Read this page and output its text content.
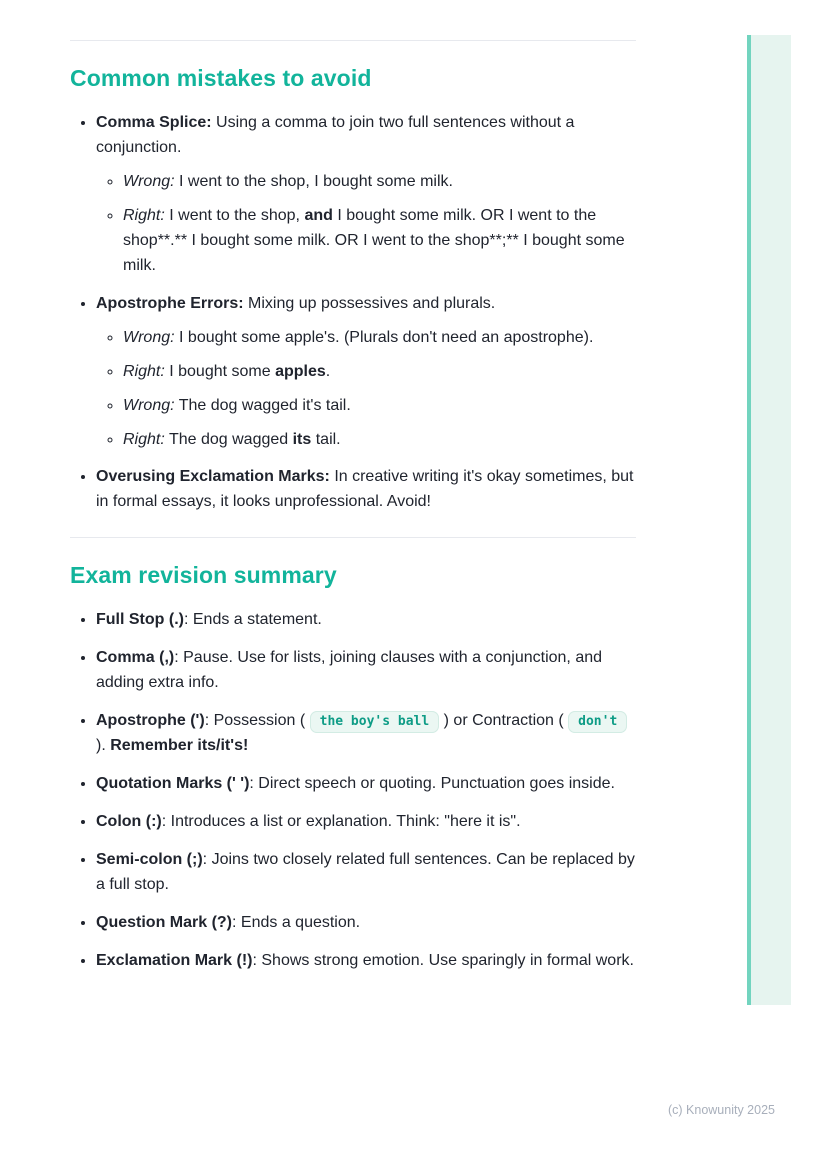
Common mistakes to avoid
• Comma Splice: Using a comma to join two full sentences without a conjunction.
◦ Wrong: I went to the shop, I bought some milk.
◦ Right: I went to the shop, and I bought some milk. OR I went to the shop**.** I bought some milk. OR I went to the shop**;** I bought some milk.
• Apostrophe Errors: Mixing up possessives and plurals.
◦ Wrong: I bought some apple's. (Plurals don't need an apostrophe).
◦ Right: I bought some apples.
◦ Wrong: The dog wagged it's tail.
◦ Right: The dog wagged its tail.
• Overusing Exclamation Marks: In creative writing it's okay sometimes, but in formal essays, it looks unprofessional. Avoid!
Exam revision summary
• Full Stop (.): Ends a statement.
• Comma (,): Pause. Use for lists, joining clauses with a conjunction, and adding extra info.
• Apostrophe ('): Possession ( the boy's ball ) or Contraction ( don't ). Remember its/it's!
• Quotation Marks (' '): Direct speech or quoting. Punctuation goes inside.
• Colon (:): Introduces a list or explanation. Think: "here it is".
• Semi-colon (;): Joins two closely related full sentences. Can be replaced by a full stop.
• Question Mark (?): Ends a question.
• Exclamation Mark (!): Shows strong emotion. Use sparingly in formal work.
(c) Knowunity 2025
